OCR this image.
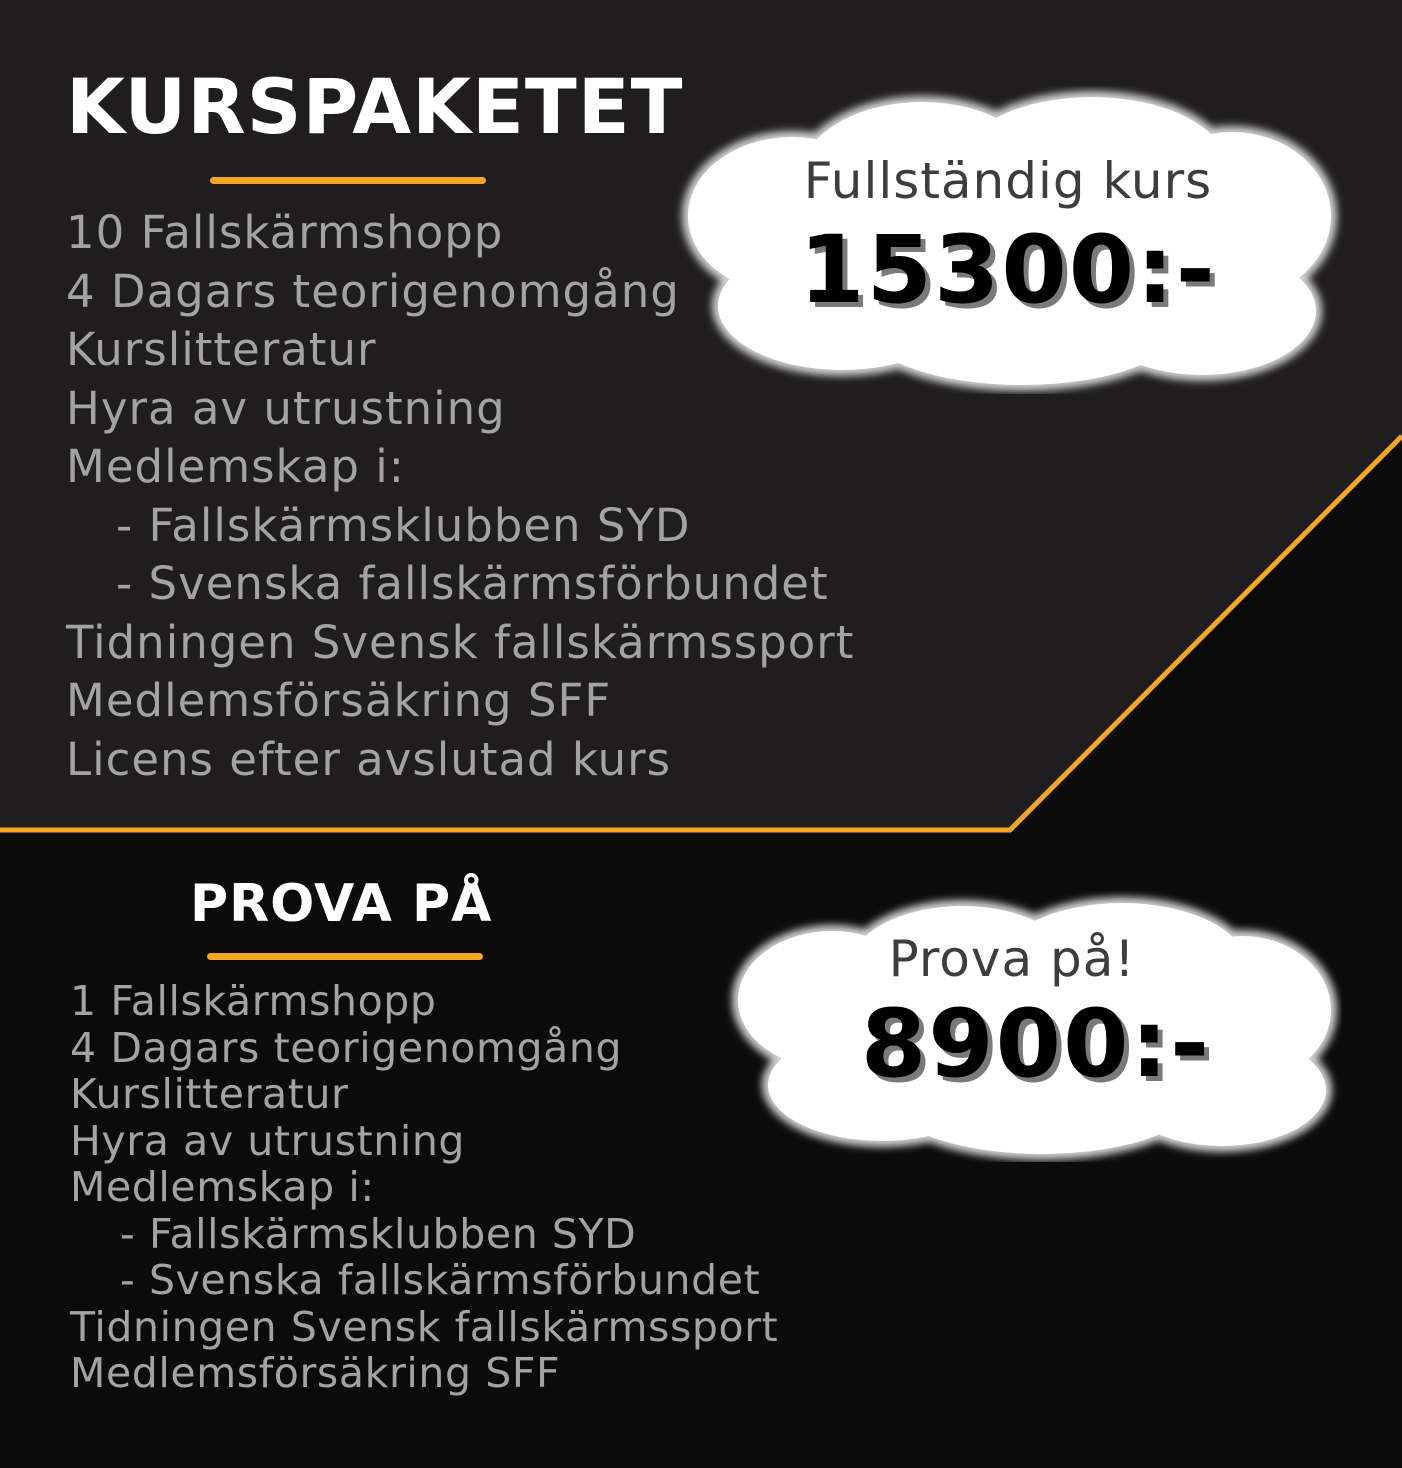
KURSPAKETET
10 Fallskärmshopp
4 Dagars teorigenomgång
Kurslitteratur
Hyra av utrustning
Medlemskap i:
- Fallskärmsklubben SYD
- Svenska fallskärmsförbundet
Tidningen Svensk fallskärmssport
Medlemsförsäkring SFF
Licens efter avslutad kurs
Fullständig kurs
15300:-
PROVA PÅ
1 Fallskärmshopp
4 Dagars teorigenomgång
Kurslitteratur
Hyra av utrustning
Medlemskap i:
- Fallskärmsklubben SYD
- Svenska fallskärmsförbundet
Tidningen Svensk fallskärmssport
Medlemsförsäkring SFF
Prova på!
8900:-
